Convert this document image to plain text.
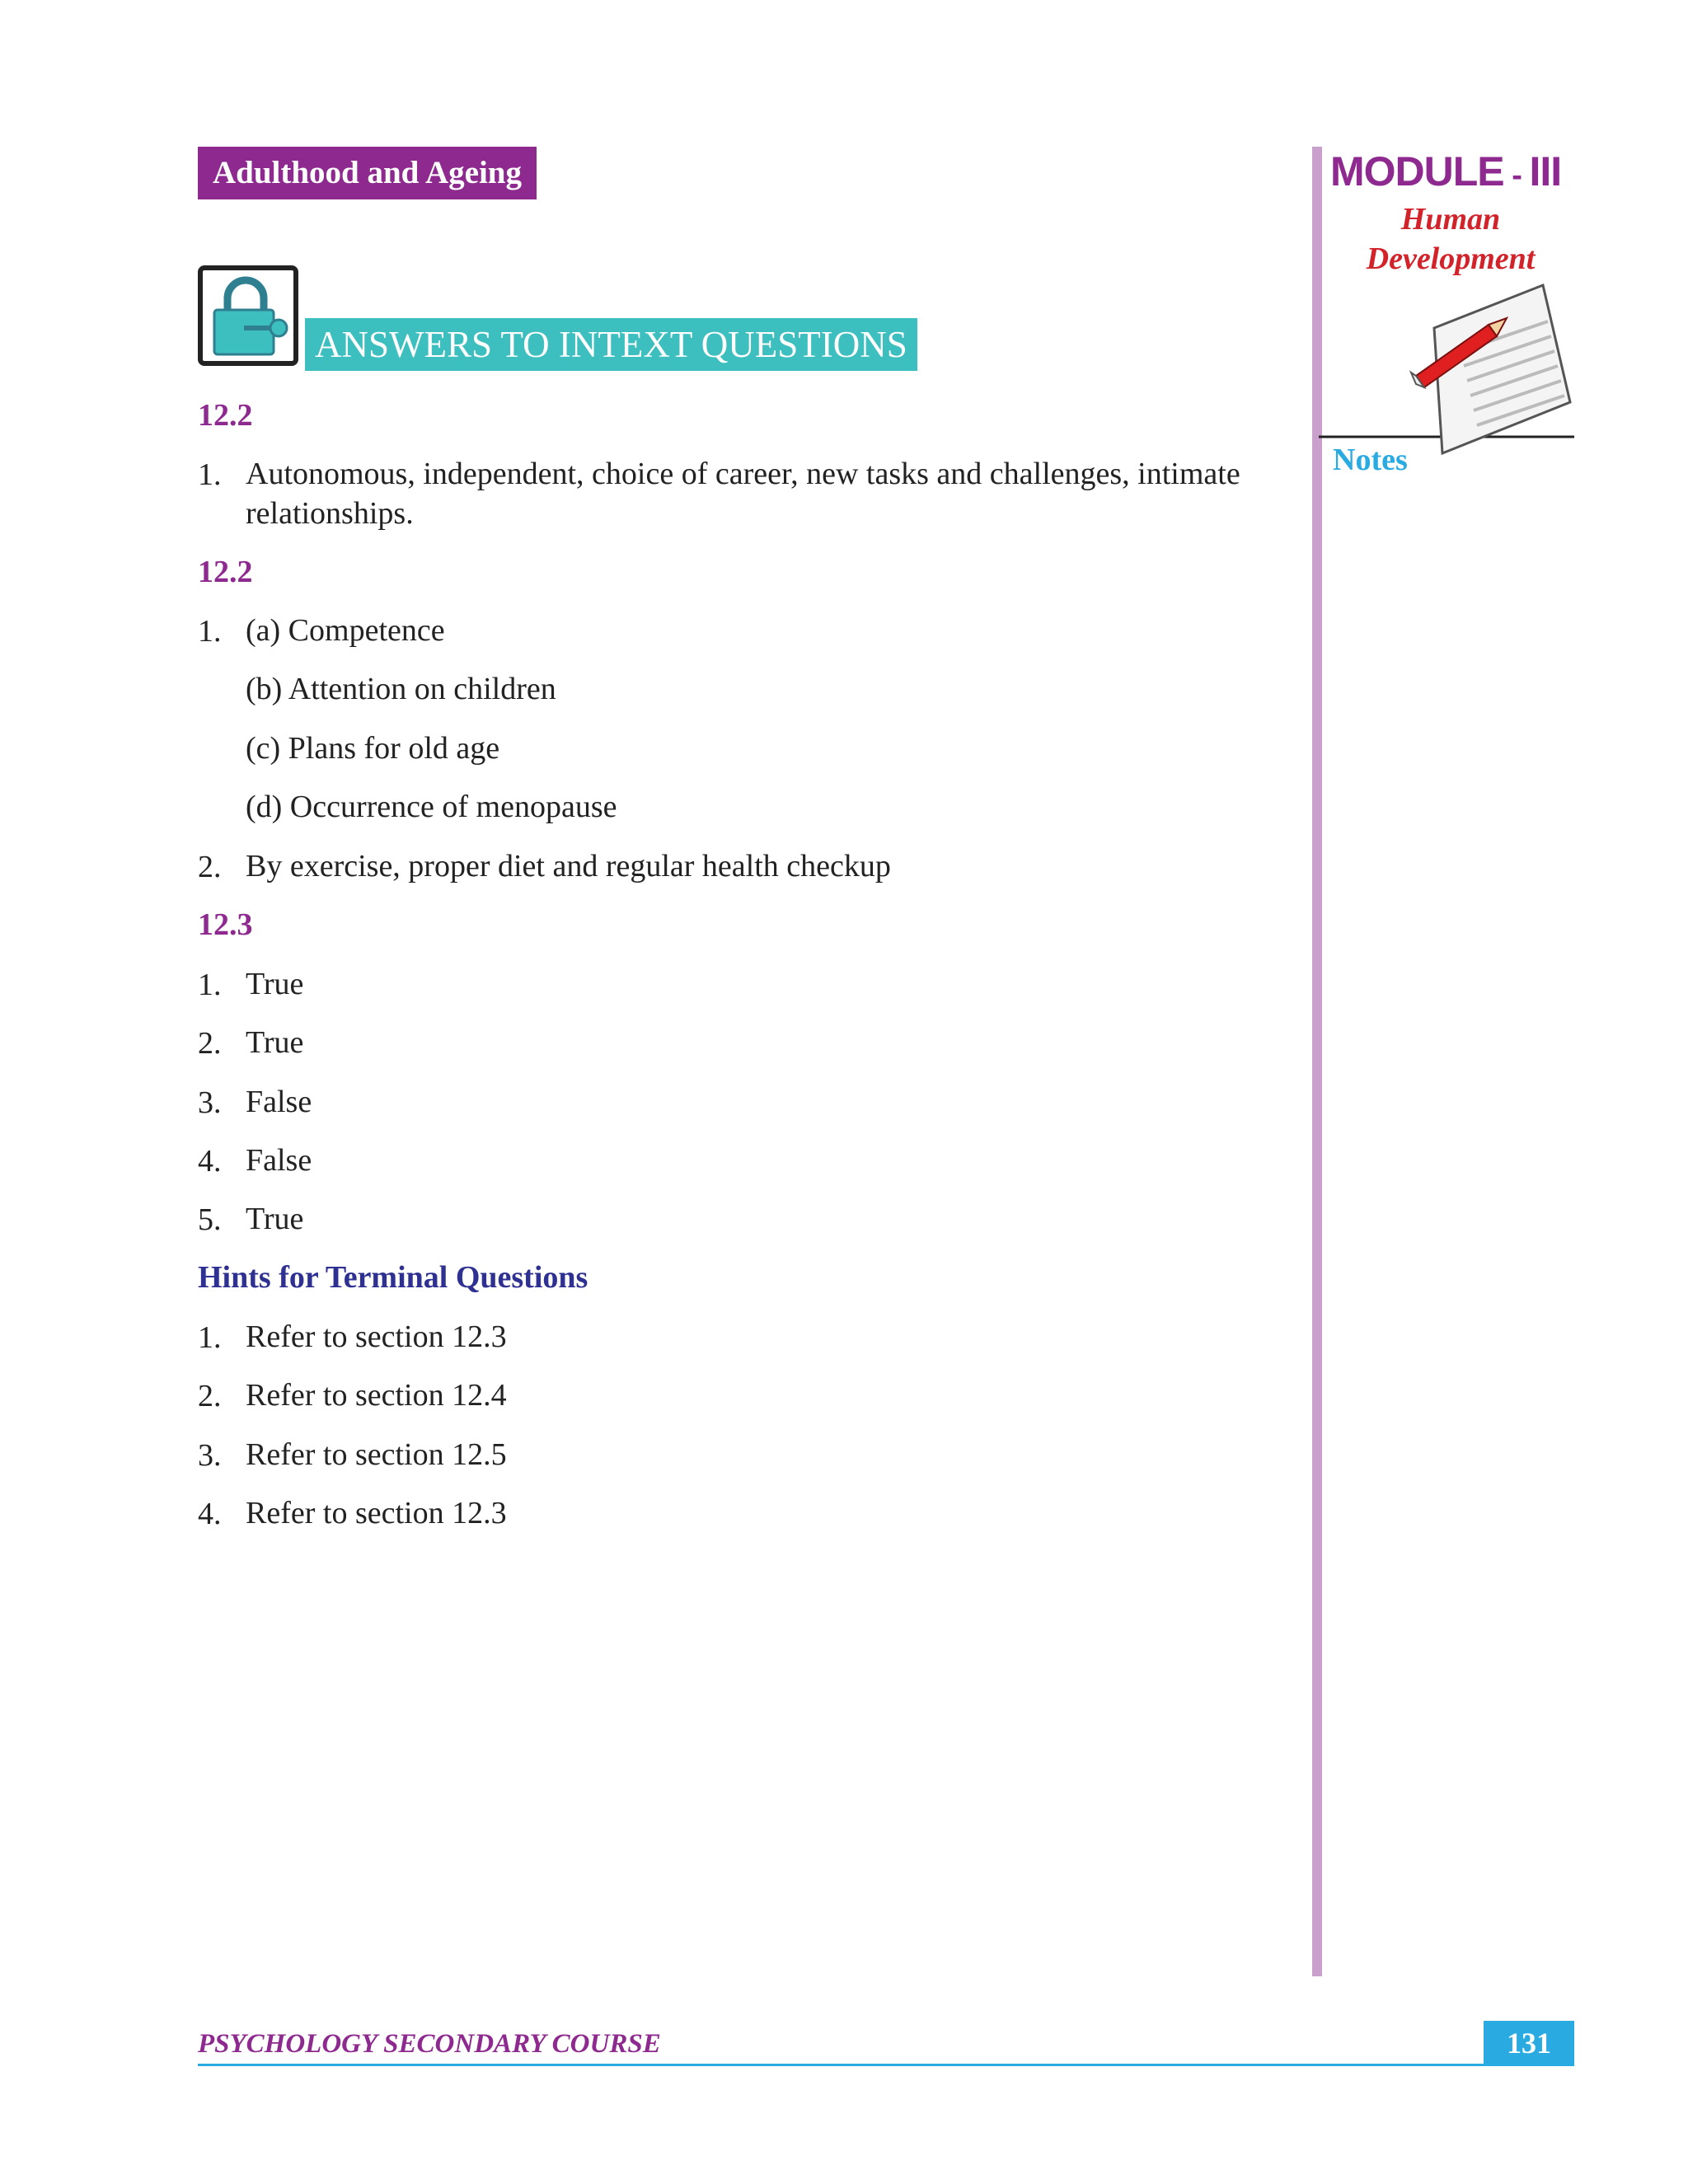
Adulthood and Ageing
ANSWERS TO INTEXT QUESTIONS
12.2
1. Autonomous, independent, choice of career, new tasks and challenges, intimate
relationships.
12.2
1. (a) Competence
(b) Attention on children
(c) Plans for old age
(d) Occurrence of menopause
2. By exercise, proper diet and regular health checkup
12.3
1. True
2. True
3. False
4. False
5. True
Hints for Terminal Questions
1. Refer to section 12.3
2. Refer to section 12.4
3. Refer to section 12.5
4. Refer to section 12.3
MODULE - III
Human
Development
Notes
PSYCHOLOGY SECONDARY COURSE	131
